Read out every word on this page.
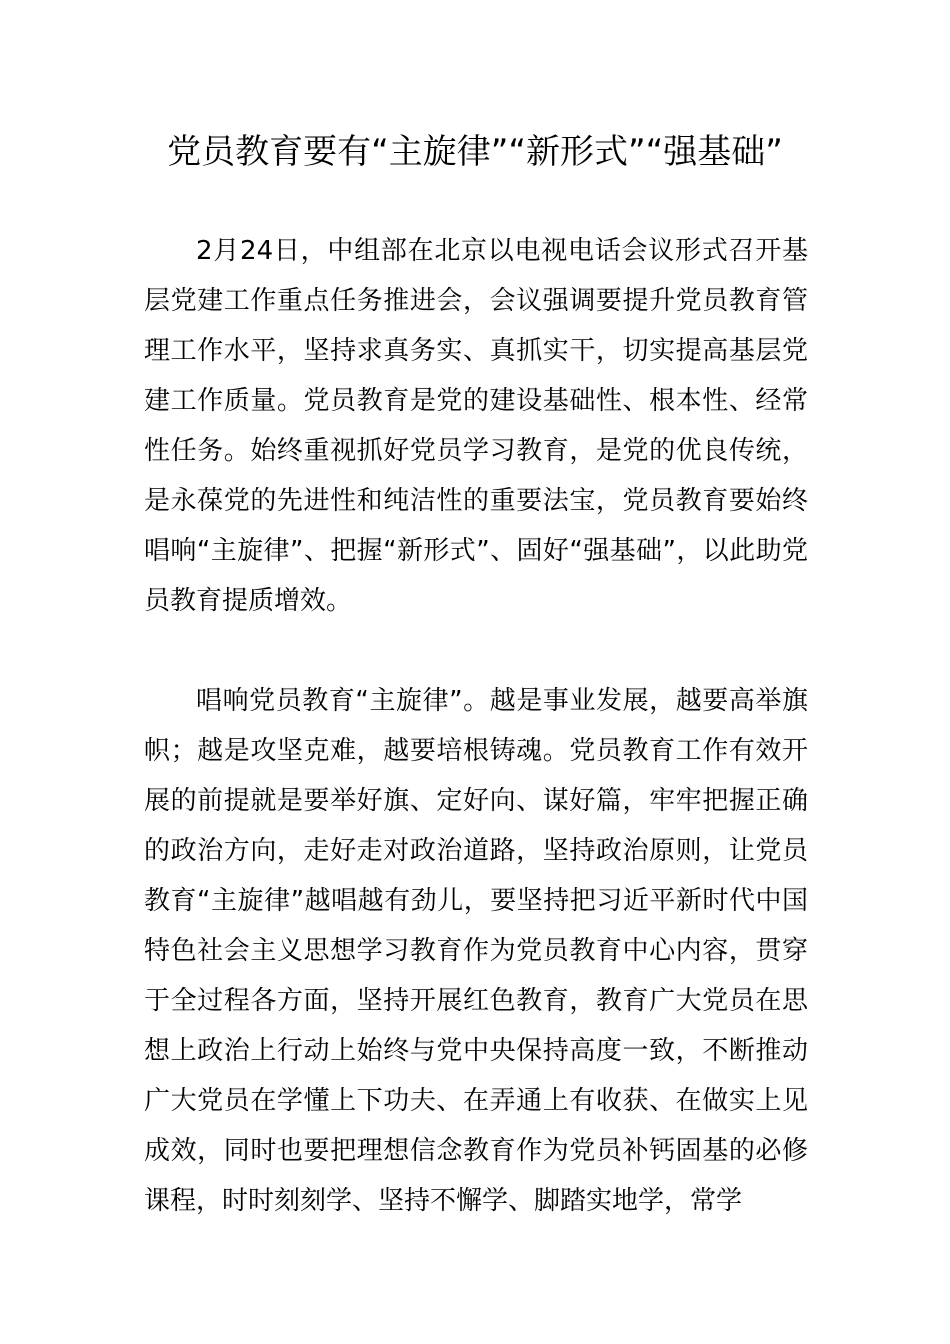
党员教育要有“主旋律”“新形式”“强基础”

2月24日，中组部在北京以电视电话会议形式召开基层党建工作重点任务推进会，会议强调要提升党员教育管理工作水平，坚持求真务实、真抓实干，切实提高基层党建工作质量。党员教育是党的建设基础性、根本性、经常性任务。始终重视抓好党员学习教育，是党的优良传统，是永葆党的先进性和纯洁性的重要法宝，党员教育要始终唱响“主旋律”、把握“新形式”、固好“强基础”，以此助党员教育提质增效。

唱响党员教育“主旋律”。越是事业发展，越要高举旗帜；越是攻坚克难，越要培根铸魂。党员教育工作有效开展的前提就是要举好旗、定好向、谋好篇，牢牢把握正确的政治方向，走好走对政治道路，坚持政治原则，让党员教育“主旋律”越唱越有劲儿，要坚持把习近平新时代中国特色社会主义思想学习教育作为党员教育中心内容，贯穿于全过程各方面，坚持开展红色教育，教育广大党员在思想上政治上行动上始终与党中央保持高度一致，不断推动广大党员在学懂上下功夫、在弄通上有收获、在做实上见成效，同时也要把理想信念教育作为党员补钙固基的必修课程，时时刻刻学、坚持不懈学、脚踏实地学，常学
